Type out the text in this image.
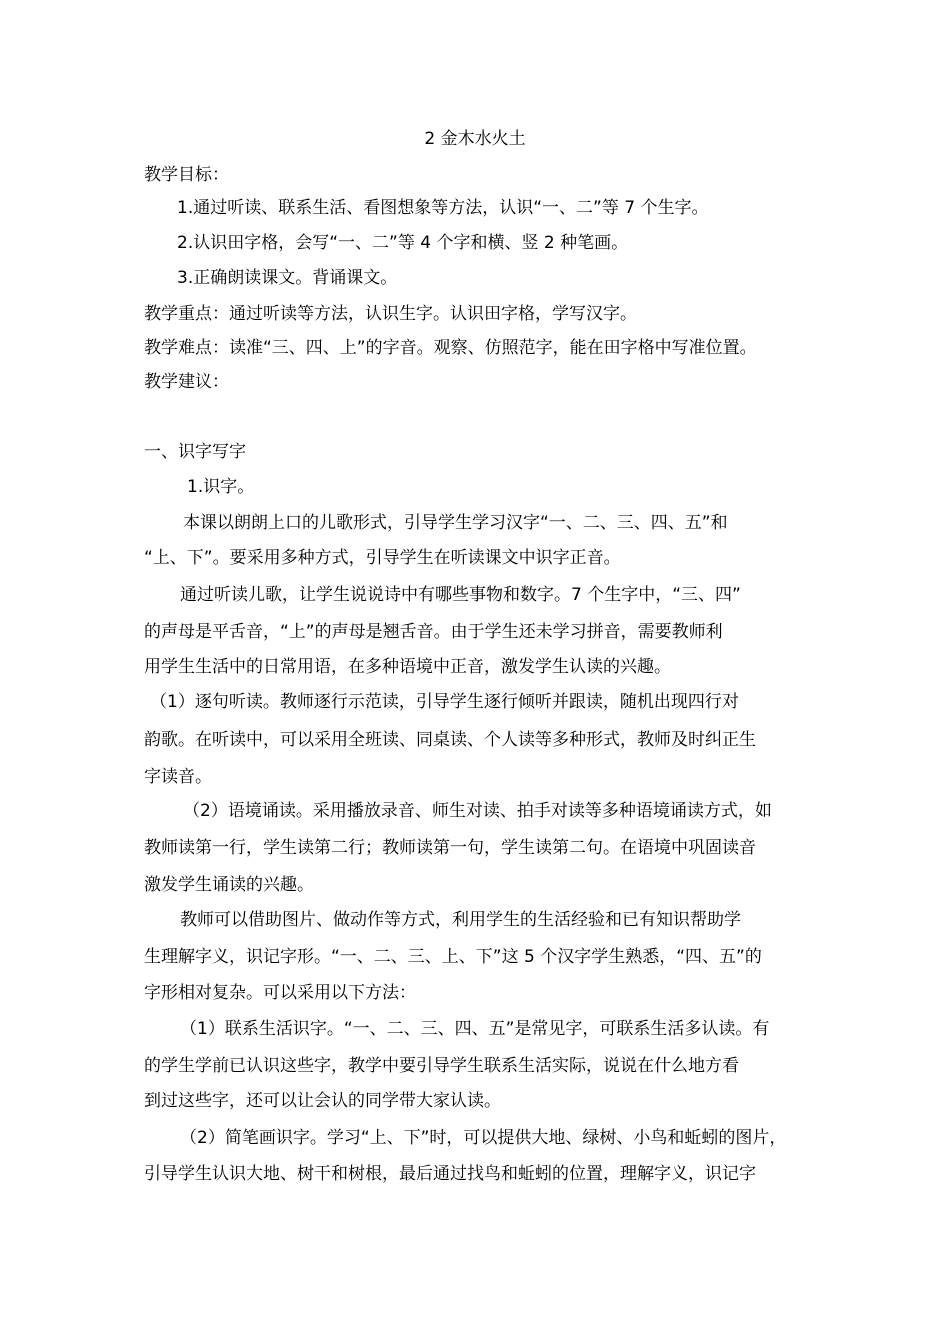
2 金木水火土
教学目标：
1.通过听读、联系生活、看图想象等方法，认识“一、二”等 7 个生字。
2.认识田字格，会写“一、二”等 4 个字和横、竖 2 种笔画。
3.正确朗读课文。背诵课文。
教学重点：通过听读等方法，认识生字。认识田字格，学写汉字。
教学难点：读准“三、四、上”的字音。观察、仿照范字，能在田字格中写准位置。
教学建议：
一、识字写字
1.识字。
本课以朗朗上口的儿歌形式，引导学生学习汉字“一、二、三、四、五”和
“上、下”。要采用多种方式，引导学生在听读课文中识字正音。
通过听读儿歌，让学生说说诗中有哪些事物和数字。7 个生字中，“三、四”
的声母是平舌音，“上”的声母是翘舌音。由于学生还未学习拼音，需要教师利
用学生生活中的日常用语，在多种语境中正音，激发学生认读的兴趣。
（1）逐句听读。教师逐行示范读，引导学生逐行倾听并跟读，随机出现四行对
韵歌。在听读中，可以采用全班读、同桌读、个人读等多种形式，教师及时纠正生
字读音。
（2）语境诵读。采用播放录音、师生对读、拍手对读等多种语境诵读方式，如
教师读第一行，学生读第二行；教师读第一句，学生读第二句。在语境中巩固读音
激发学生诵读的兴趣。
教师可以借助图片、做动作等方式，利用学生的生活经验和已有知识帮助学
生理解字义，识记字形。“一、二、三、上、下”这 5 个汉字学生熟悉，“四、五”的
字形相对复杂。可以采用以下方法：
（1）联系生活识字。“一、二、三、四、五”是常见字，可联系生活多认读。有
的学生学前已认识这些字，教学中要引导学生联系生活实际，说说在什么地方看
到过这些字，还可以让会认的同学带大家认读。
（2）简笔画识字。学习“上、下”时，可以提供大地、绿树、小鸟和蚯蚓的图片，
引导学生认识大地、树干和树根，最后通过找鸟和蚯蚓的位置，理解字义，识记字
